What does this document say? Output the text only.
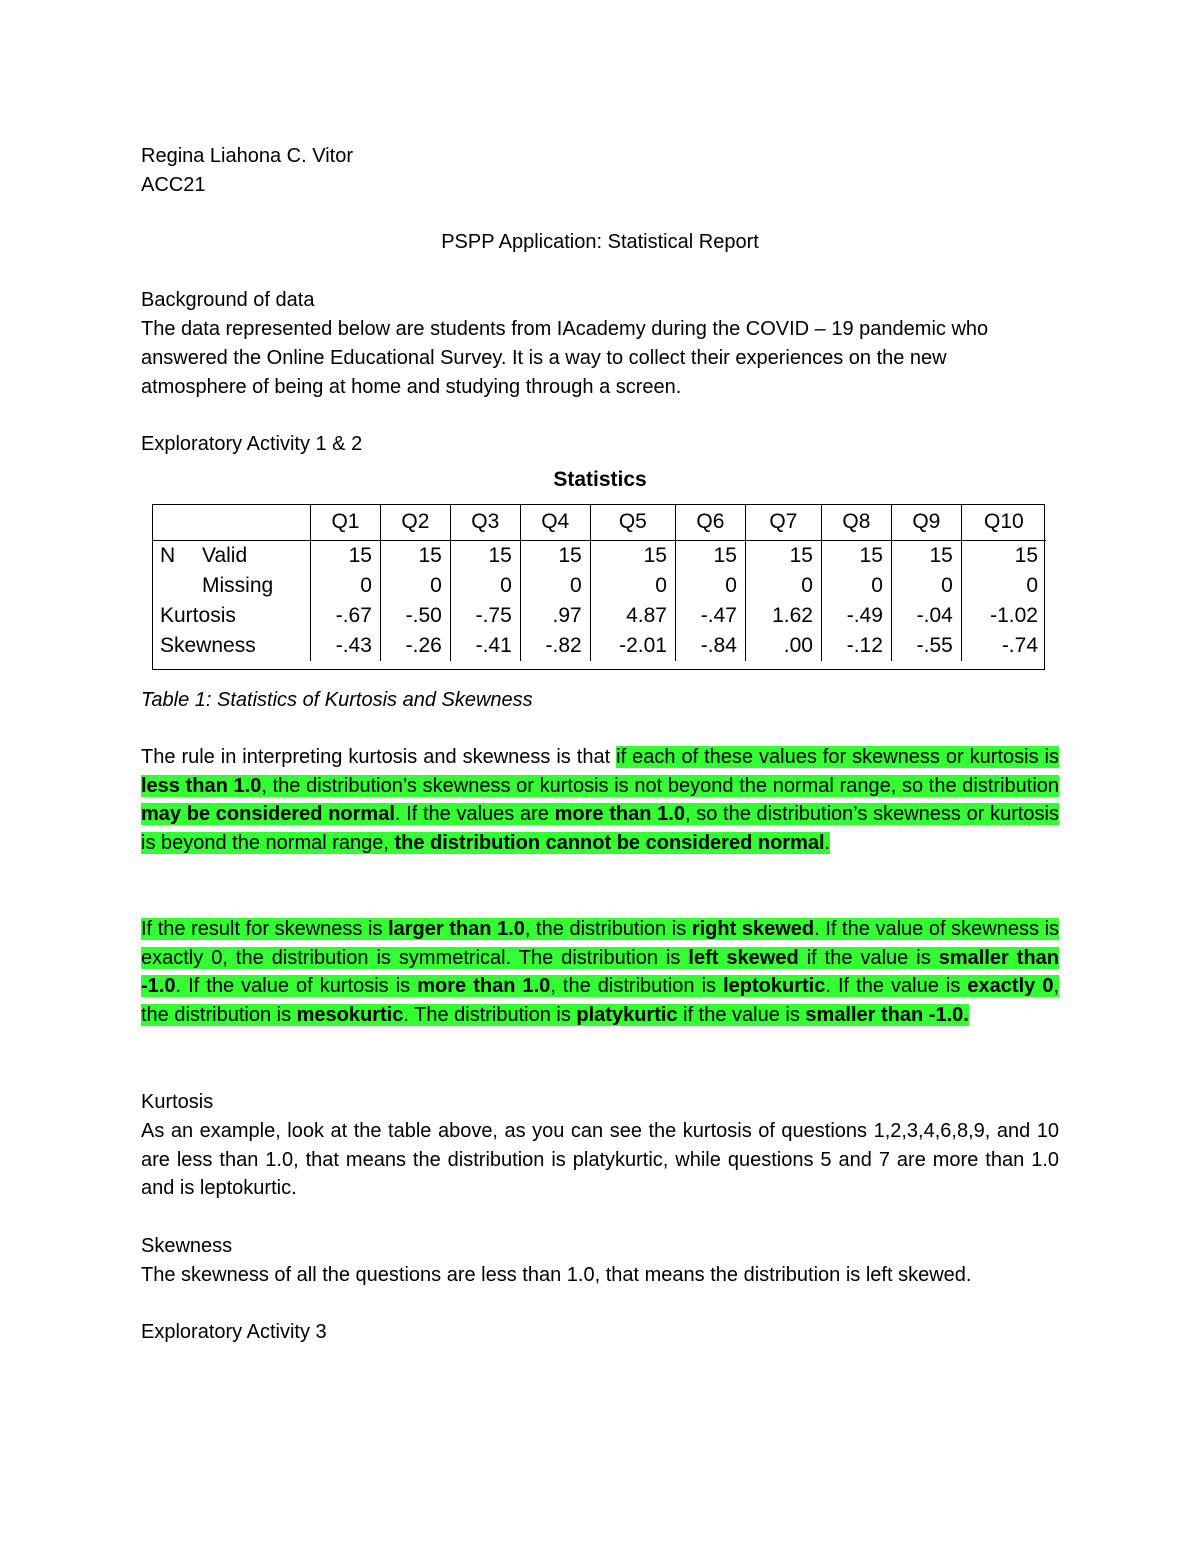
Regina Liahona C. Vitor
ACC21
PSPP Application: Statistical Report
Background of data
The data represented below are students from IAcademy during the COVID – 19 pandemic who
answered the Online Educational Survey. It is a way to collect their experiences on the new
atmosphere of being at home and studying through a screen.
Exploratory Activity 1 & 2
Statistics
	Q1	Q2	Q3	Q4	Q5	Q6	Q7	Q8	Q9	Q10
N Valid	15	15	15	15	15	15	15	15	15	15
Missing	0	0	0	0	0	0	0	0	0	0
Kurtosis	-.67	-.50	-.75	.97	4.87	-.47	1.62	-.49	-.04	-1.02
Skewness	-.43	-.26	-.41	-.82	-2.01	-.84	.00	-.12	-.55	-.74
Table 1: Statistics of Kurtosis and Skewness
The rule in interpreting kurtosis and skewness is that if each of these values for skewness or kurtosis is less than 1.0, the distribution’s skewness or kurtosis is not beyond the normal range, so the distribution may be considered normal. If the values are more than 1.0, so the distribution’s skewness or kurtosis is beyond the normal range, the distribution cannot be considered normal.
If the result for skewness is larger than 1.0, the distribution is right skewed. If the value of skewness is exactly 0, the distribution is symmetrical. The distribution is left skewed if the value is smaller than -1.0. If the value of kurtosis is more than 1.0, the distribution is leptokurtic. If the value is exactly 0, the distribution is mesokurtic. The distribution is platykurtic if the value is smaller than -1.0.
Kurtosis
As an example, look at the table above, as you can see the kurtosis of questions 1,2,3,4,6,8,9, and 10 are less than 1.0, that means the distribution is platykurtic, while questions 5 and 7 are more than 1.0 and is leptokurtic.
Skewness
The skewness of all the questions are less than 1.0, that means the distribution is left skewed.
Exploratory Activity 3
